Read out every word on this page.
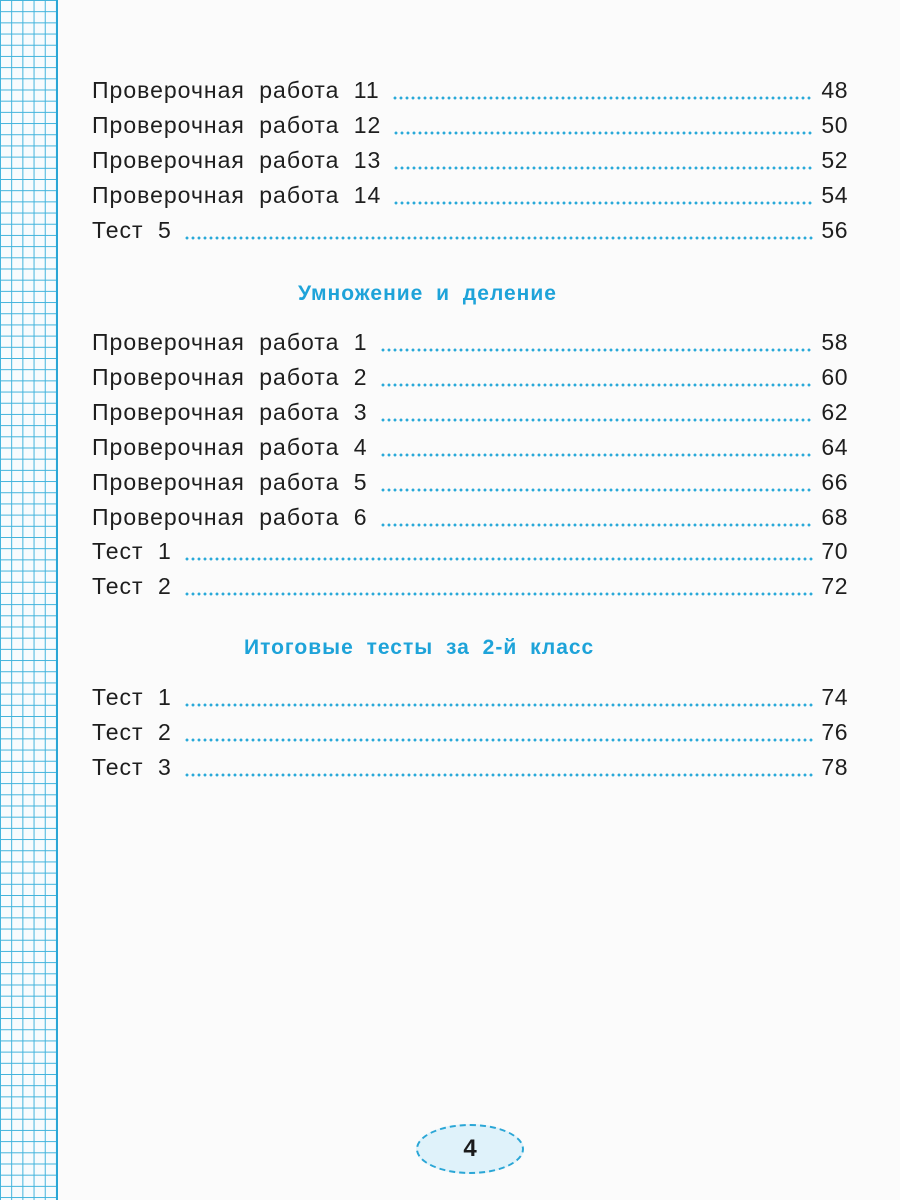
Проверочная работа 11	48
Проверочная работа 12	50
Проверочная работа 13	52
Проверочная работа 14	54
Тест 5	56
Умножение и деление
Проверочная работа 1	58
Проверочная работа 2	60
Проверочная работа 3	62
Проверочная работа 4	64
Проверочная работа 5	66
Проверочная работа 6	68
Тест 1	70
Тест 2	72
Итоговые тесты за 2-й класс
Тест 1	74
Тест 2	76
Тест 3	78
4
